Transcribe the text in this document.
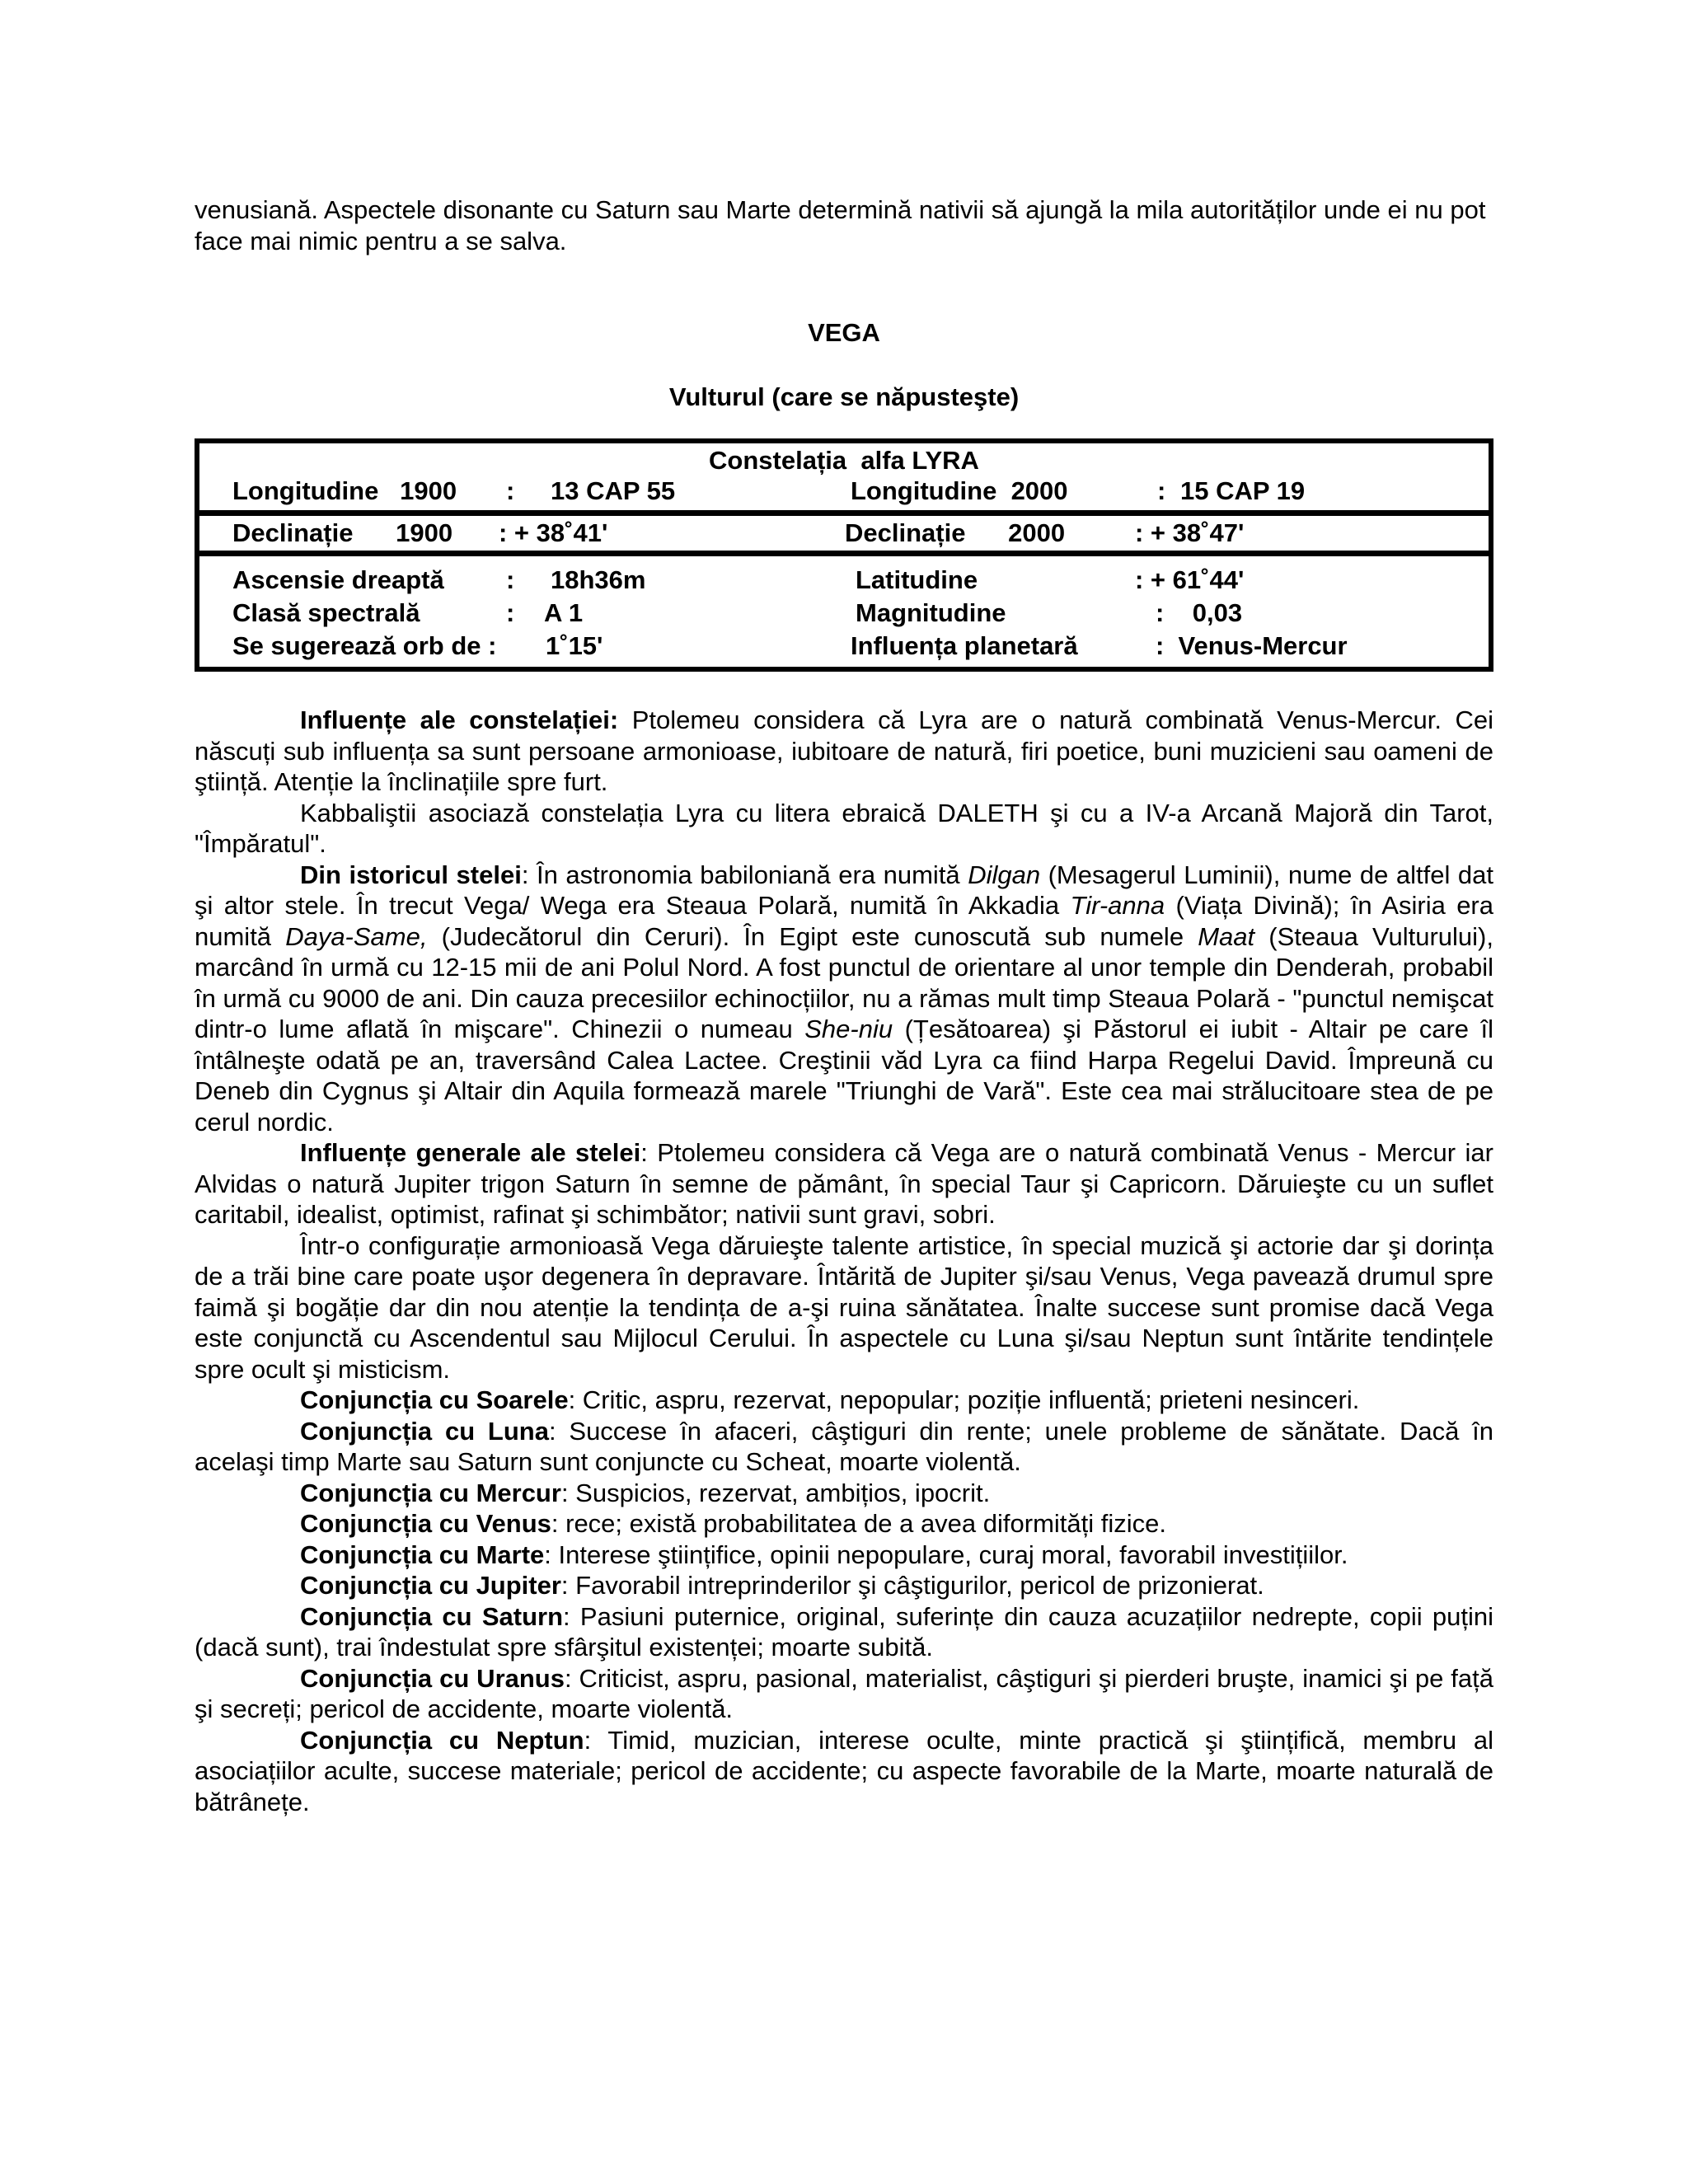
venusiană. Aspectele disonante cu Saturn sau Marte determină nativii să ajungă la mila autorităților unde ei nu pot face mai nimic pentru a se salva.

VEGA

Vulturul (care se năpusteşte)

Constelația  alfa LYRA
Longitudine   1900 : 13 CAP 55	Longitudine  2000	: 15 CAP 19
Declinație      1900 : + 38˚41ʹ	Declinație      2000	: + 38˚47ʹ
Ascensie dreaptă : 18h36m	Latitudine	: + 61˚44ʹ
Clasă spectrală	: A 1	Magnitudine	:    0,03
Se sugerează orb de : 1˚15ʹ	Influența planetară	:  Venus-Mercur

Influențe ale constelației: Ptolemeu considera că Lyra are o natură combinată Venus-Mercur. Cei născuți sub influența sa sunt persoane armonioase, iubitoare de natură, firi poetice, buni muzicieni sau oameni de ştiință. Atenție la înclinațiile spre furt.

Kabbaliştii asociază constelația Lyra cu litera ebraică DALETH şi cu a IV-a Arcană Majoră din Tarot, "Împăratul".

Din istoricul stelei: În astronomia babiloniană era numită Dilgan (Mesagerul Luminii), nume de altfel dat şi altor stele. În trecut Vega/ Wega era Steaua Polară, numită în Akkadia Tir-anna (Viața Divină); în Asiria era numită Daya-Same, (Judecătorul din Ceruri). În Egipt este cunoscută sub numele Maat (Steaua Vulturului), marcând în urmă cu 12-15 mii de ani Polul Nord. A fost punctul de orientare al unor temple din Denderah, probabil în urmă cu 9000 de ani. Din cauza precesiilor echinocțiilor, nu a rămas mult timp Steaua Polară - "punctul nemişcat dintr-o lume aflată în mişcare". Chinezii o numeau She-niu (Țesătoarea) şi Păstorul ei iubit - Altair pe care îl întâlneşte odată pe an, traversând Calea Lactee. Creştinii văd Lyra ca fiind Harpa Regelui David. Împreună cu Deneb din Cygnus şi Altair din Aquila formează marele "Triunghi de Vară". Este cea mai strălucitoare stea de pe cerul nordic.

Influențe generale ale stelei: Ptolemeu considera că Vega are o natură combinată Venus - Mercur iar Alvidas o natură Jupiter trigon Saturn în semne de pământ, în special Taur şi Capricorn. Dăruieşte cu un suflet caritabil, idealist, optimist, rafinat şi schimbător; nativii sunt gravi, sobri.

Într-o configurație armonioasă Vega dăruieşte talente artistice, în special muzică şi actorie dar şi dorința de a trăi bine care poate uşor degenera în depravare. Întărită de Jupiter şi/sau Venus, Vega pavează drumul spre faimă şi bogăție dar din nou atenție la tendința de a-şi ruina sănătatea. Înalte succese sunt promise dacă Vega este conjunctă cu Ascendentul sau Mijlocul Cerului. În aspectele cu Luna şi/sau Neptun sunt întărite tendințele spre ocult şi misticism.

Conjuncția cu Soarele: Critic, aspru, rezervat, nepopular; poziție influentă; prieteni nesinceri.

Conjuncția cu Luna: Succese în afaceri, câştiguri din rente; unele probleme de sănătate. Dacă în acelaşi timp Marte sau Saturn sunt conjuncte cu Scheat, moarte violentă.

Conjuncția cu Mercur: Suspicios, rezervat, ambițios, ipocrit.

Conjuncția cu Venus: rece; există probabilitatea de a avea diformități fizice.

Conjuncția cu Marte: Interese ştiințifice, opinii nepopulare, curaj moral, favorabil investițiilor.

Conjuncția cu Jupiter: Favorabil intreprinderilor şi câştigurilor, pericol de prizonierat.

Conjuncția cu Saturn: Pasiuni puternice, original, suferințe din cauza acuzațiilor nedrepte, copii puțini (dacă sunt), trai îndestulat spre sfârşitul existenței; moarte subită.

Conjuncția cu Uranus: Criticist, aspru, pasional, materialist, câştiguri şi pierderi bruşte, inamici şi pe față şi secreți; pericol de accidente, moarte violentă.

Conjuncția cu Neptun: Timid, muzician, interese oculte, minte practică şi ştiințifică, membru al asociațiilor aculte, succese materiale; pericol de accidente; cu aspecte favorabile de la Marte, moarte naturală de bătrânețe.
